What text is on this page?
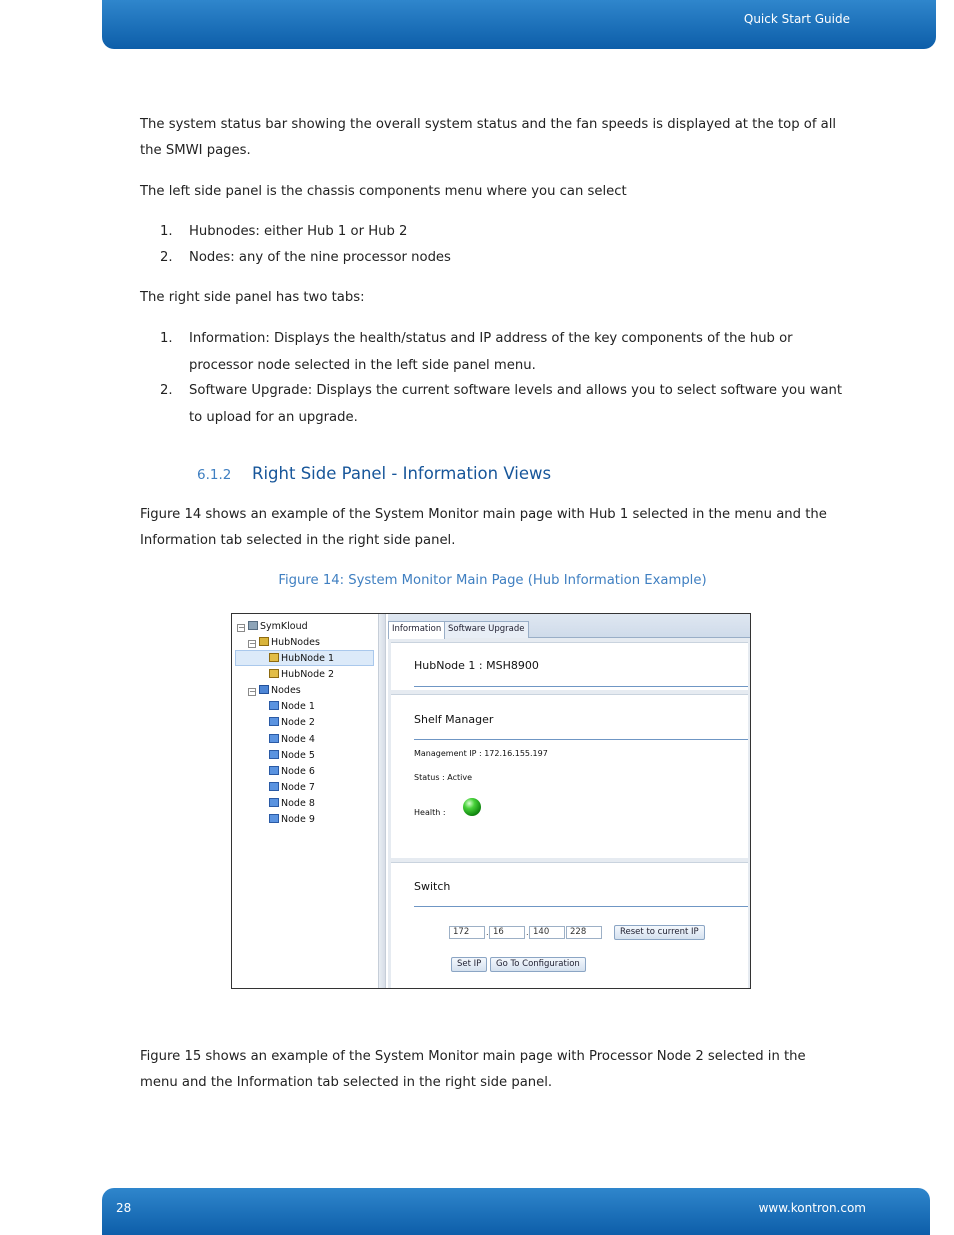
Quick Start Guide
The system status bar showing the overall system status and the fan speeds is displayed at the top of all the SMWI pages.
The left side panel is the chassis components menu where you can select
1.	Hubnodes: either Hub 1 or Hub 2
2.	Nodes: any of the nine processor nodes
The right side panel has two tabs:
1.	Information: Displays the health/status and IP address of the key components of the hub or processor node selected in the left side panel menu.
2.	Software Upgrade: Displays the current software levels and allows you to select software you want to upload for an upgrade.
6.1.2 Right Side Panel - Information Views
Figure 14 shows an example of the System Monitor main page with Hub 1 selected in the menu and the Information tab selected in the right side panel.
Figure 14: System Monitor Main Page (Hub Information Example)
−	SymKloud
−	HubNodes
HubNode 1
HubNode 2
−	Nodes
Node 1
Node 2
Node 4
Node 5
Node 6
Node 7
Node 8
Node 9
Information Software Upgrade
HubNode 1 : MSH8900
Shelf Manager
Management IP : 172.16.155.197
Status : Active
Health :
Switch
172	. 16	. 140	228	Reset to current IP
Set IP	Go To Configuration
Figure 15 shows an example of the System Monitor main page with Processor Node 2 selected in the menu and the Information tab selected in the right side panel.
28	www.kontron.com
